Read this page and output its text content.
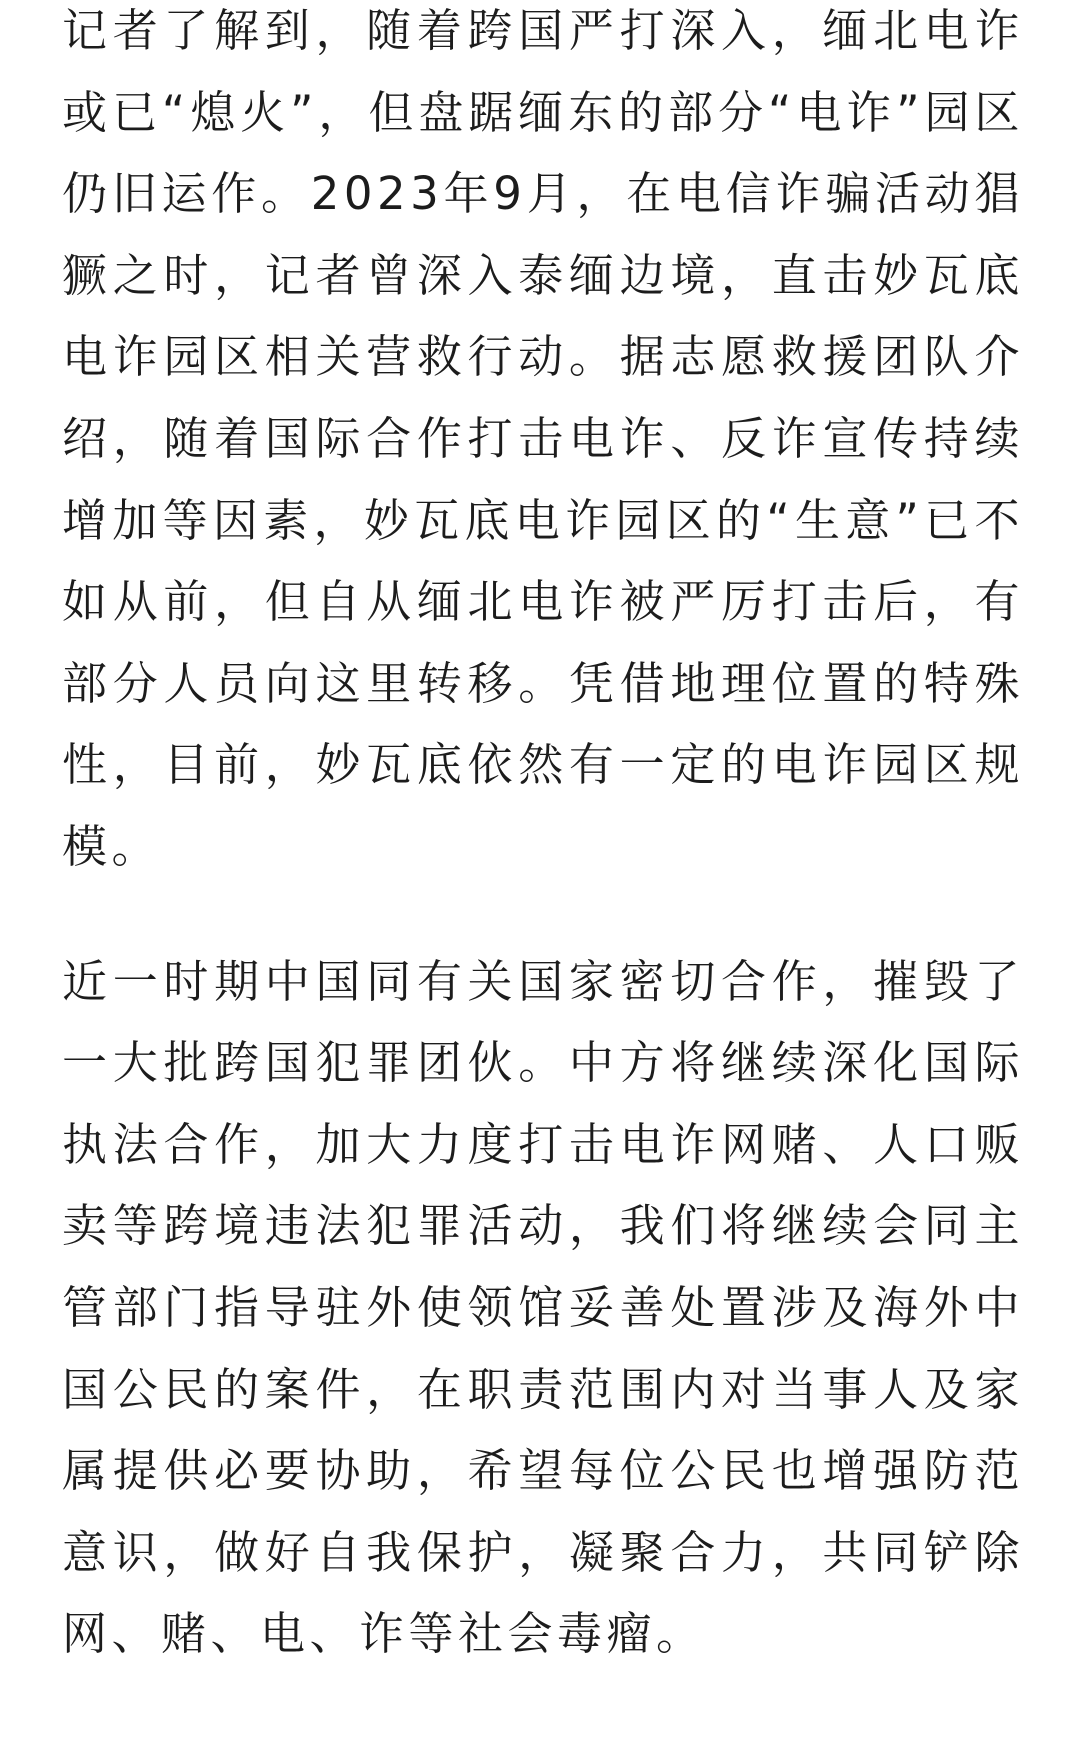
记者了解到，随着跨国严打深入，缅北电诈或已“熄火”，但盘踞缅东的部分“电诈”园区仍旧运作。2023年9月，在电信诈骗活动猖獗之时，记者曾深入泰缅边境，直击妙瓦底电诈园区相关营救行动。据志愿救援团队介绍，随着国际合作打击电诈、反诈宣传持续增加等因素，妙瓦底电诈园区的“生意”已不如从前，但自从缅北电诈被严厉打击后，有部分人员向这里转移。凭借地理位置的特殊性，目前，妙瓦底依然有一定的电诈园区规模。

近一时期中国同有关国家密切合作，摧毁了一大批跨国犯罪团伙。中方将继续深化国际执法合作，加大力度打击电诈网赌、人口贩卖等跨境违法犯罪活动，我们将继续会同主管部门指导驻外使领馆妥善处置涉及海外中国公民的案件，在职责范围内对当事人及家属提供必要协助，希望每位公民也增强防范意识，做好自我保护，凝聚合力，共同铲除网、赌、电、诈等社会毒瘤。
